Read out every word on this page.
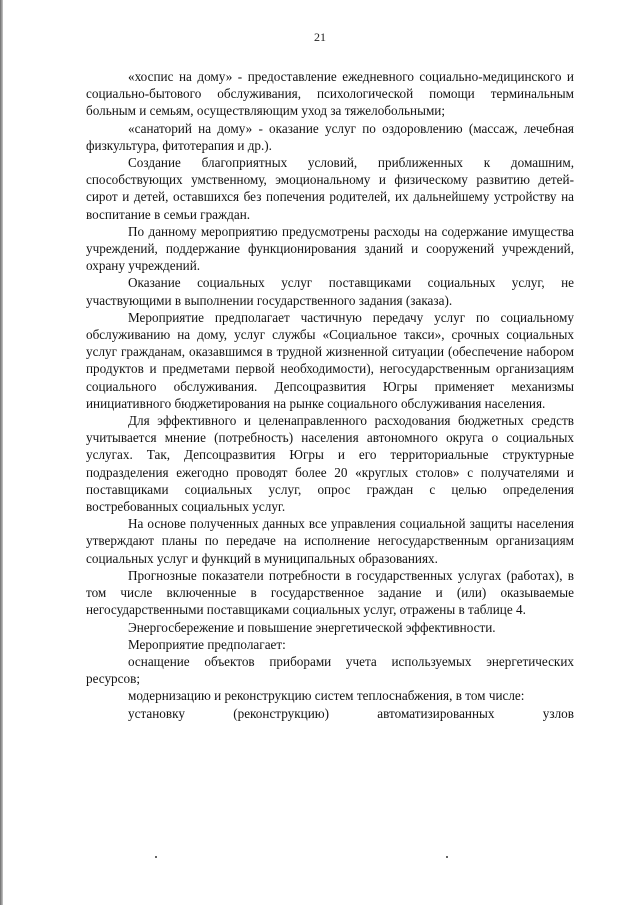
21

«хоспис на дому» - предоставление ежедневного социально-медицинского и социально-бытового обслуживания, психологической помощи терминальным больным и семьям, осуществляющим уход за тяжелобольными;

«санаторий на дому» - оказание услуг по оздоровлению (массаж, лечебная физкультура, фитотерапия и др.).

Создание благоприятных условий, приближенных к домашним, способствующих умственному, эмоциональному и физическому развитию детей-сирот и детей, оставшихся без попечения родителей, их дальнейшему устройству на воспитание в семьи граждан.

По данному мероприятию предусмотрены расходы на содержание имущества учреждений, поддержание функционирования зданий и сооружений учреждений, охрану учреждений.

Оказание социальных услуг поставщиками социальных услуг, не участвующими в выполнении государственного задания (заказа).

Мероприятие предполагает частичную передачу услуг по социальному обслуживанию на дому, услуг службы «Социальное такси», срочных социальных услуг гражданам, оказавшимся в трудной жизненной ситуации (обеспечение набором продуктов и предметами первой необходимости), негосударственным организациям социального обслуживания. Депсоцразвития Югры применяет механизмы инициативного бюджетирования на рынке социального обслуживания населения.

Для эффективного и целенаправленного расходования бюджетных средств учитывается мнение (потребность) населения автономного округа о социальных услугах. Так, Депсоцразвития Югры и его территориальные структурные подразделения ежегодно проводят более 20 «круглых столов» с получателями и поставщиками социальных услуг, опрос граждан с целью определения востребованных социальных услуг.

На основе полученных данных все управления социальной защиты населения утверждают планы по передаче на исполнение негосударственным организациям социальных услуг и функций в муниципальных образованиях.

Прогнозные показатели потребности в государственных услугах (работах), в том числе включенные в государственное задание и (или) оказываемые негосударственными поставщиками социальных услуг, отражены в таблице 4.

Энергосбережение и повышение энергетической эффективности.

Мероприятие предполагает:

оснащение объектов приборами учета используемых энергетических ресурсов;

модернизацию и реконструкцию систем теплоснабжения, в том числе:

установку (реконструкцию) автоматизированных узлов
